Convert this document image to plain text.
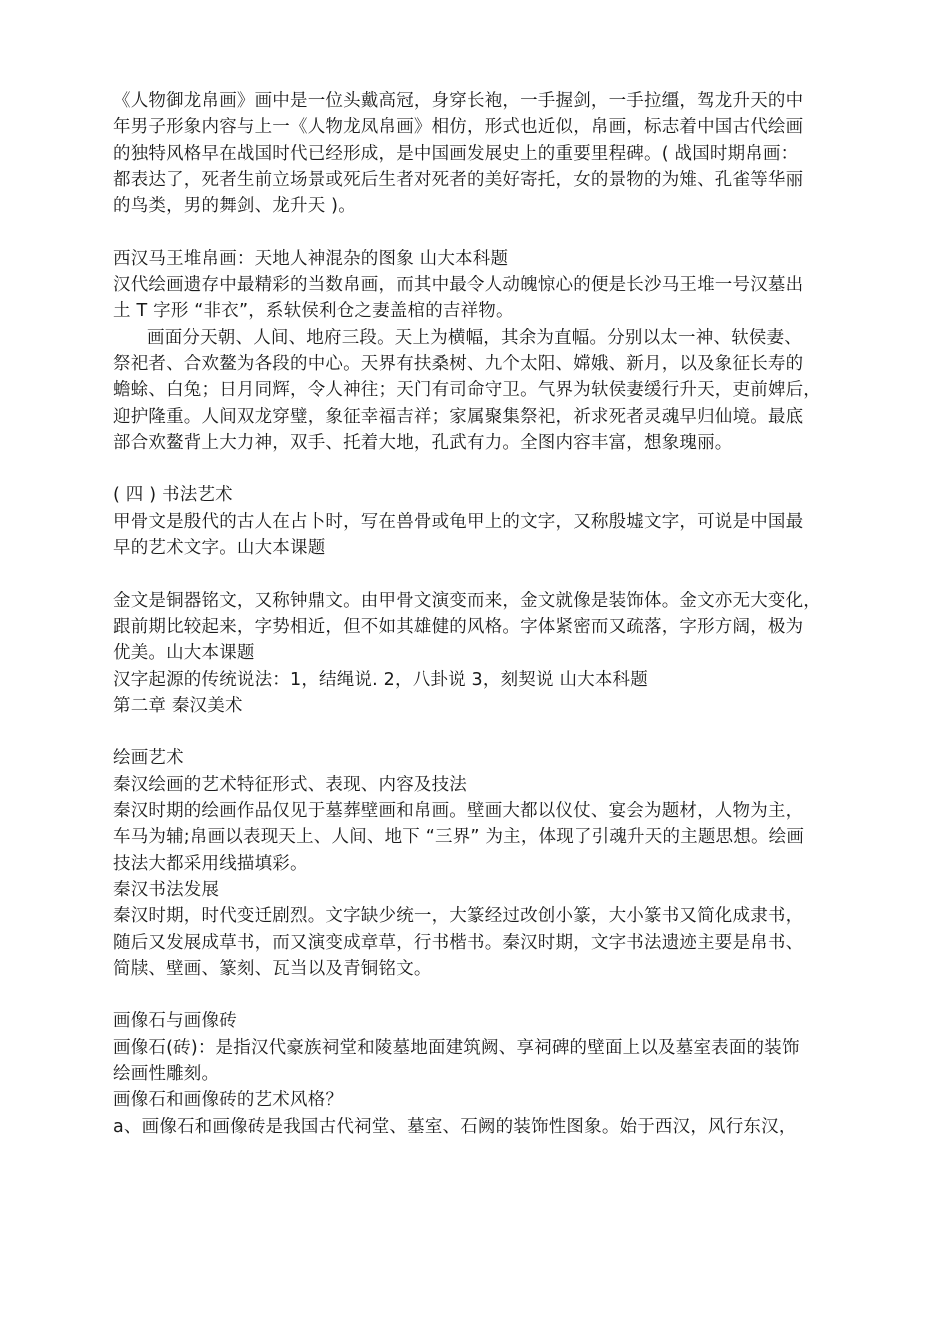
《人物御龙帛画》画中是一位头戴高冠，身穿长袍，一手握剑，一手拉缰，驾龙升天的中
年男子形象内容与上一《人物龙凤帛画》相仿，形式也近似，帛画，标志着中国古代绘画
的独特风格早在战国时代已经形成，是中国画发展史上的重要里程碑。( 战国时期帛画：
都表达了，死者生前立场景或死后生者对死者的美好寄托，女的景物的为雉、孔雀等华丽
的鸟类，男的舞剑、龙升天 )。
西汉马王堆帛画：天地人神混杂的图象 山大本科题
汉代绘画遗存中最精彩的当数帛画，而其中最令人动魄惊心的便是长沙马王堆一号汉墓出
土 T 字形 “非衣”，系轪侯利仓之妻盖棺的吉祥物。
画面分天朝、人间、地府三段。天上为横幅，其余为直幅。分别以太一神、轪侯妻、
祭祀者、合欢鳌为各段的中心。天界有扶桑树、九个太阳、嫦娥、新月，以及象征长寿的
蟾蜍、白兔；日月同辉，令人神往；天门有司命守卫。气界为轪侯妻缓行升天，吏前婢后，
迎护隆重。人间双龙穿璧，象征幸福吉祥；家属聚集祭祀，祈求死者灵魂早归仙境。最底
部合欢鳌背上大力神，双手、托着大地，孔武有力。全图内容丰富，想象瑰丽。
( 四 ) 书法艺术
甲骨文是殷代的古人在占卜时，写在兽骨或龟甲上的文字，又称殷墟文字，可说是中国最
早的艺术文字。山大本课题
金文是铜器铭文，又称钟鼎文。由甲骨文演变而来，金文就像是装饰体。金文亦无大变化，
跟前期比较起来，字势相近，但不如其雄健的风格。字体紧密而又疏落，字形方阔，极为
优美。山大本课题
汉字起源的传统说法：1，结绳说. 2，八卦说 3，刻契说 山大本科题
第二章 秦汉美术
绘画艺术
秦汉绘画的艺术特征形式、表现、内容及技法
秦汉时期的绘画作品仅见于墓葬壁画和帛画。壁画大都以仪仗、宴会为题材，人物为主，
车马为辅;帛画以表现天上、人间、地下 “三界” 为主，体现了引魂升天的主题思想。绘画
技法大都采用线描填彩。
秦汉书法发展
秦汉时期，时代变迁剧烈。文字缺少统一，大篆经过改创小篆，大小篆书又简化成隶书，
随后又发展成草书，而又演变成章草，行书楷书。秦汉时期，文字书法遗迹主要是帛书、
简牍、壁画、篆刻、瓦当以及青铜铭文。
画像石与画像砖
画像石(砖)：是指汉代豪族祠堂和陵墓地面建筑阙、享祠碑的壁面上以及墓室表面的装饰
绘画性雕刻。
画像石和画像砖的艺术风格？
a、画像石和画像砖是我国古代祠堂、墓室、石阙的装饰性图象。始于西汉，风行东汉，
